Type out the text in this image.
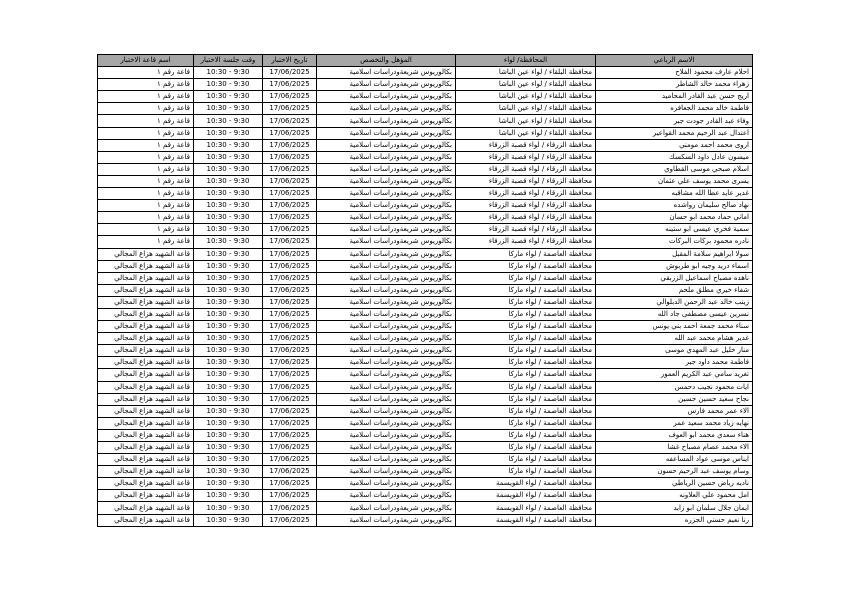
الاسم الرباعي	المحافظة/ لواء	المؤهل والتخصص	تاريخ الاختبار	وقت جلسة الاختبار	اسم قاعة الاختبار
احلام عارف محمود الفلاح	محافظة البلقاء / لواء عين الباشا	بكالوريوس شريعةودراسات اسلامية	17/06/2025	9:30 - 10:30	قاعة رقم ١
زهراء محمد خالد الشاطر	محافظة البلقاء / لواء عين الباشا	بكالوريوس شريعةودراسات اسلامية	17/06/2025	9:30 - 10:30	قاعة رقم ١
اريج حسن عبد القادر المحاميد	محافظة البلقاء / لواء عين الباشا	بكالوريوس شريعةودراسات اسلامية	17/06/2025	9:30 - 10:30	قاعة رقم ١
فاطمة خالد محمد الجعافره	محافظة البلقاء / لواء عين الباشا	بكالوريوس شريعةودراسات اسلامية	17/06/2025	9:30 - 10:30	قاعة رقم ١
وفاء عبد القادر جودت جبر	محافظة البلقاء / لواء عين الباشا	بكالوريوس شريعةودراسات اسلامية	17/06/2025	9:30 - 10:30	قاعة رقم ١
اعتدال عبد الرحيم محمد القواعير	محافظة البلقاء / لواء عين الباشا	بكالوريوس شريعةودراسات اسلامية	17/06/2025	9:30 - 10:30	قاعة رقم ١
اروى محمد احمد مومني	محافظة الزرقاء / لواء قصبة الزرقاء	بكالوريوس شريعةودراسات اسلامية	17/06/2025	9:30 - 10:30	قاعة رقم ١
ميسون عادل داود السكسك	محافظة الزرقاء / لواء قصبة الزرقاء	بكالوريوس شريعةودراسات اسلامية	17/06/2025	9:30 - 10:30	قاعة رقم ١
اسلام صبحي موسى القطاوي	محافظة الزرقاء / لواء قصبة الزرقاء	بكالوريوس شريعةودراسات اسلامية	17/06/2025	9:30 - 10:30	قاعة رقم ١
يسرى محمد يوسف علي عثمان	محافظة الزرقاء / لواء قصبة الزرقاء	بكالوريوس شريعةودراسات اسلامية	17/06/2025	9:30 - 10:30	قاعة رقم ١
غدير عايد عطا الله مشاقبه	محافظة الزرقاء / لواء قصبة الزرقاء	بكالوريوس شريعةودراسات اسلامية	17/06/2025	9:30 - 10:30	قاعة رقم ١
نهاد صالح سليمان رواشده	محافظة الزرقاء / لواء قصبة الزرقاء	بكالوريوس شريعةودراسات اسلامية	17/06/2025	9:30 - 10:30	قاعة رقم ١
اماني حماد محمد ابو حسان	محافظة الزرقاء / لواء قصبة الزرقاء	بكالوريوس شريعةودراسات اسلامية	17/06/2025	9:30 - 10:30	قاعة رقم ١
سمية فخري عيسى ابو ستينه	محافظة الزرقاء / لواء قصبة الزرقاء	بكالوريوس شريعةودراسات اسلامية	17/06/2025	9:30 - 10:30	قاعة رقم ١
نادره محمود بركات البركات	محافظة الزرقاء / لواء قصبة الزرقاء	بكالوريوس شريعةودراسات اسلامية	17/06/2025	9:30 - 10:30	قاعة رقم ١
سولا ابراهيم سلامة المقبل	محافظة العاصمة / لواء ماركا	بكالوريوس شريعةودراسات اسلامية	17/06/2025	9:30 - 10:30	قاعة الشهيد هزاع المجالي
اسماء دريد وجيه ابو طربوش	محافظة العاصمة / لواء ماركا	بكالوريوس شريعةودراسات اسلامية	17/06/2025	9:30 - 10:30	قاعة الشهيد هزاع المجالي
ناهده مصباح اسماعيل الزربقي	محافظة العاصمة / لواء ماركا	بكالوريوس شريعةودراسات اسلامية	17/06/2025	9:30 - 10:30	قاعة الشهيد هزاع المجالي
شفاء خيري مطلق ملحم	محافظة العاصمة / لواء ماركا	بكالوريوس شريعةودراسات اسلامية	17/06/2025	9:30 - 10:30	قاعة الشهيد هزاع المجالي
زينب خالد عبد الرحمن الدبلوالي	محافظة العاصمة / لواء ماركا	بكالوريوس شريعةودراسات اسلامية	17/06/2025	9:30 - 10:30	قاعة الشهيد هزاع المجالي
نسرين عيسى مصطفى جاد الله	محافظة العاصمة / لواء ماركا	بكالوريوس شريعةودراسات اسلامية	17/06/2025	9:30 - 10:30	قاعة الشهيد هزاع المجالي
سناء محمد جمعة احمد بني يونس	محافظة العاصمة / لواء ماركا	بكالوريوس شريعةودراسات اسلامية	17/06/2025	9:30 - 10:30	قاعة الشهيد هزاع المجالي
غدير هشام محمد عبد الله	محافظة العاصمة / لواء ماركا	بكالوريوس شريعةودراسات اسلامية	17/06/2025	9:30 - 10:30	قاعة الشهيد هزاع المجالي
منار خليل عبد المهدي موسى	محافظة العاصمة / لواء ماركا	بكالوريوس شريعةودراسات اسلامية	17/06/2025	9:30 - 10:30	قاعة الشهيد هزاع المجالي
فاطمة محمد داود جبر	محافظة العاصمة / لواء ماركا	بكالوريوس شريعةودراسات اسلامية	17/06/2025	9:30 - 10:30	قاعة الشهيد هزاع المجالي
تغريد سامي عبد الكريم العمور	محافظة العاصمة / لواء ماركا	بكالوريوس شريعةودراسات اسلامية	17/06/2025	9:30 - 10:30	قاعة الشهيد هزاع المجالي
ايات محمود نجيب دحمس	محافظة العاصمة / لواء ماركا	بكالوريوس شريعةودراسات اسلامية	17/06/2025	9:30 - 10:30	قاعة الشهيد هزاع المجالي
نجاح سعيد حسين حسين	محافظة العاصمة / لواء ماركا	بكالوريوس شريعةودراسات اسلامية	17/06/2025	9:30 - 10:30	قاعة الشهيد هزاع المجالي
الاء عمر محمد فارس	محافظة العاصمة / لواء ماركا	بكالوريوس شريعةودراسات اسلامية	17/06/2025	9:30 - 10:30	قاعة الشهيد هزاع المجالي
نهايه زياد محمد سعيد عمر	محافظة العاصمة / لواء ماركا	بكالوريوس شريعةودراسات اسلامية	17/06/2025	9:30 - 10:30	قاعة الشهيد هزاع المجالي
هناء سعدي محمد ابو العوف	محافظة العاصمة / لواء ماركا	بكالوريوس شريعةودراسات اسلامية	17/06/2025	9:30 - 10:30	قاعة الشهيد هزاع المجالي
الاء محمد عصام مصباح غشا	محافظة العاصمة / لواء ماركا	بكالوريوس شريعةودراسات اسلامية	17/06/2025	9:30 - 10:30	قاعة الشهيد هزاع المجالي
ايناس موسى عواد المساعفه	محافظة العاصمة / لواء ماركا	بكالوريوس شريعةودراسات اسلامية	17/06/2025	9:30 - 10:30	قاعة الشهيد هزاع المجالي
وسام يوسف عبد الرحيم حسون	محافظة العاصمة / لواء ماركا	بكالوريوس شريعةودراسات اسلامية	17/06/2025	9:30 - 10:30	قاعة الشهيد هزاع المجالي
ناديه رياض حسين الرياطي	محافظة العاصمة / لواء القويسمة	بكالوريوس شريعةودراسات اسلامية	17/06/2025	9:30 - 10:30	قاعة الشهيد هزاع المجالي
امل محمود علي العلاونه	محافظة العاصمة / لواء القويسمة	بكالوريوس شريعةودراسات اسلامية	17/06/2025	9:30 - 10:30	قاعة الشهيد هزاع المجالي
ايمان جلال سلمان ابو زايد	محافظة العاصمة / لواء القويسمة	بكالوريوس شريعةودراسات اسلامية	17/06/2025	9:30 - 10:30	قاعة الشهيد هزاع المجالي
رنا نعيم حسني الجزره	محافظة العاصمة / لواء القويسمة	بكالوريوس شريعةودراسات اسلامية	17/06/2025	9:30 - 10:30	قاعة الشهيد هزاع المجالي
